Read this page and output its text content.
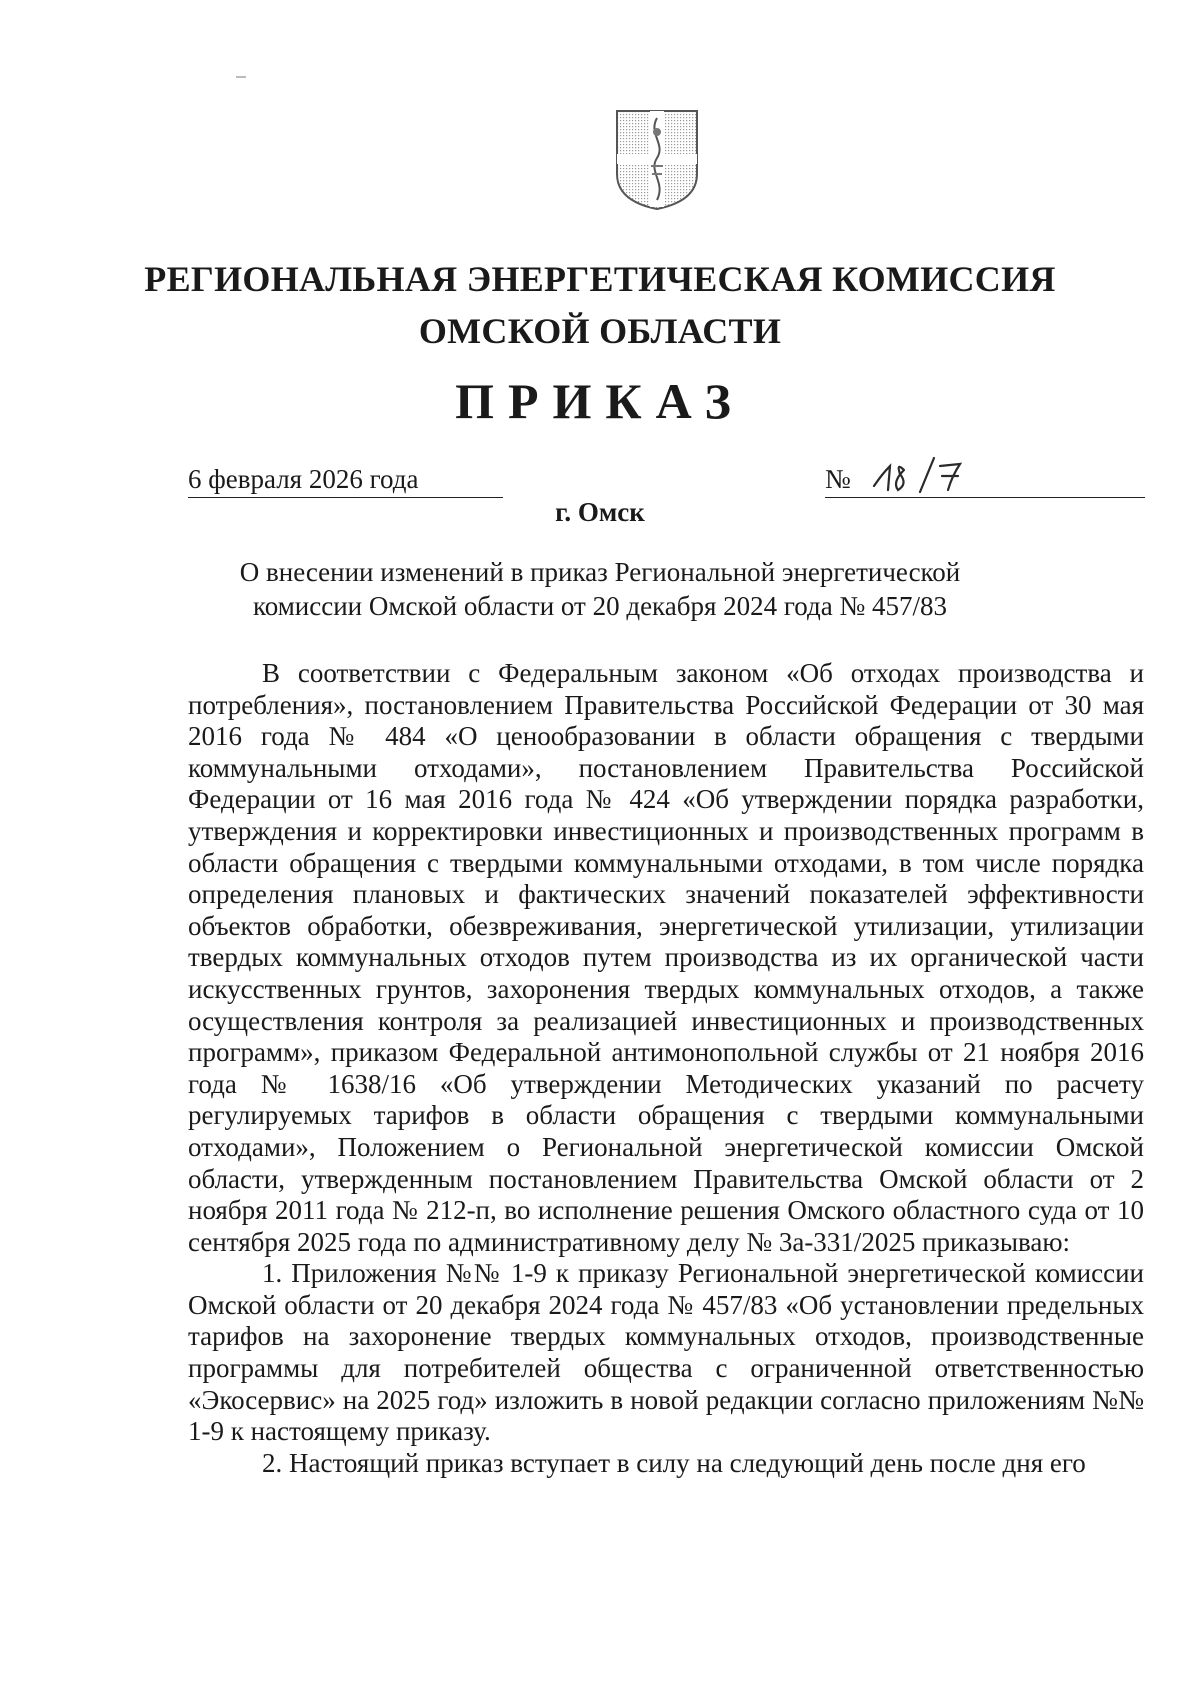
РЕГИОНАЛЬНАЯ ЭНЕРГЕТИЧЕСКАЯ КОМИССИЯ
ОМСКОЙ ОБЛАСТИ
ПРИКАЗ
6 февраля 2026 года	№
г. Омск
О внесении изменений в приказ Региональной энергетической
комиссии Омской области от 20 декабря 2024 года № 457/83

В соответствии с Федеральным законом «Об отходах производства и потребления», постановлением Правительства Российской Федерации от 30 мая 2016 года № 484 «О ценообразовании в области обращения с твердыми коммунальными отходами», постановлением Правительства Российской Федерации от 16 мая 2016 года № 424 «Об утверждении порядка разработки, утверждения и корректировки инвестиционных и производственных программ в области обращения с твердыми коммунальными отходами, в том числе порядка определения плановых и фактических значений показателей эффективности объектов обработки, обезвреживания, энергетической утилизации, утилизации твердых коммунальных отходов путем производства из их органической части искусственных грунтов, захоронения твердых коммунальных отходов, а также осуществления контроля за реализацией инвестиционных и производственных программ», приказом Федеральной антимонопольной службы от 21 ноября 2016 года № 1638/16 «Об утверждении Методических указаний по расчету регулируемых тарифов в области обращения с твердыми коммунальными отходами», Положением о Региональной энергетической комиссии Омской области, утвержденным постановлением Правительства Омской области от 2 ноября 2011 года № 212-п, во исполнение решения Омского областного суда от 10 сентября 2025 года по административному делу № 3а-331/2025 приказываю:

1. Приложения №№ 1-9 к приказу Региональной энергетической комиссии Омской области от 20 декабря 2024 года № 457/83 «Об установлении предельных тарифов на захоронение твердых коммунальных отходов, производственные программы для потребителей общества с ограниченной ответственностью «Экосервис» на 2025 год» изложить в новой редакции согласно приложениям №№ 1-9 к настоящему приказу.

2. Настоящий приказ вступает в силу на следующий день после дня его
